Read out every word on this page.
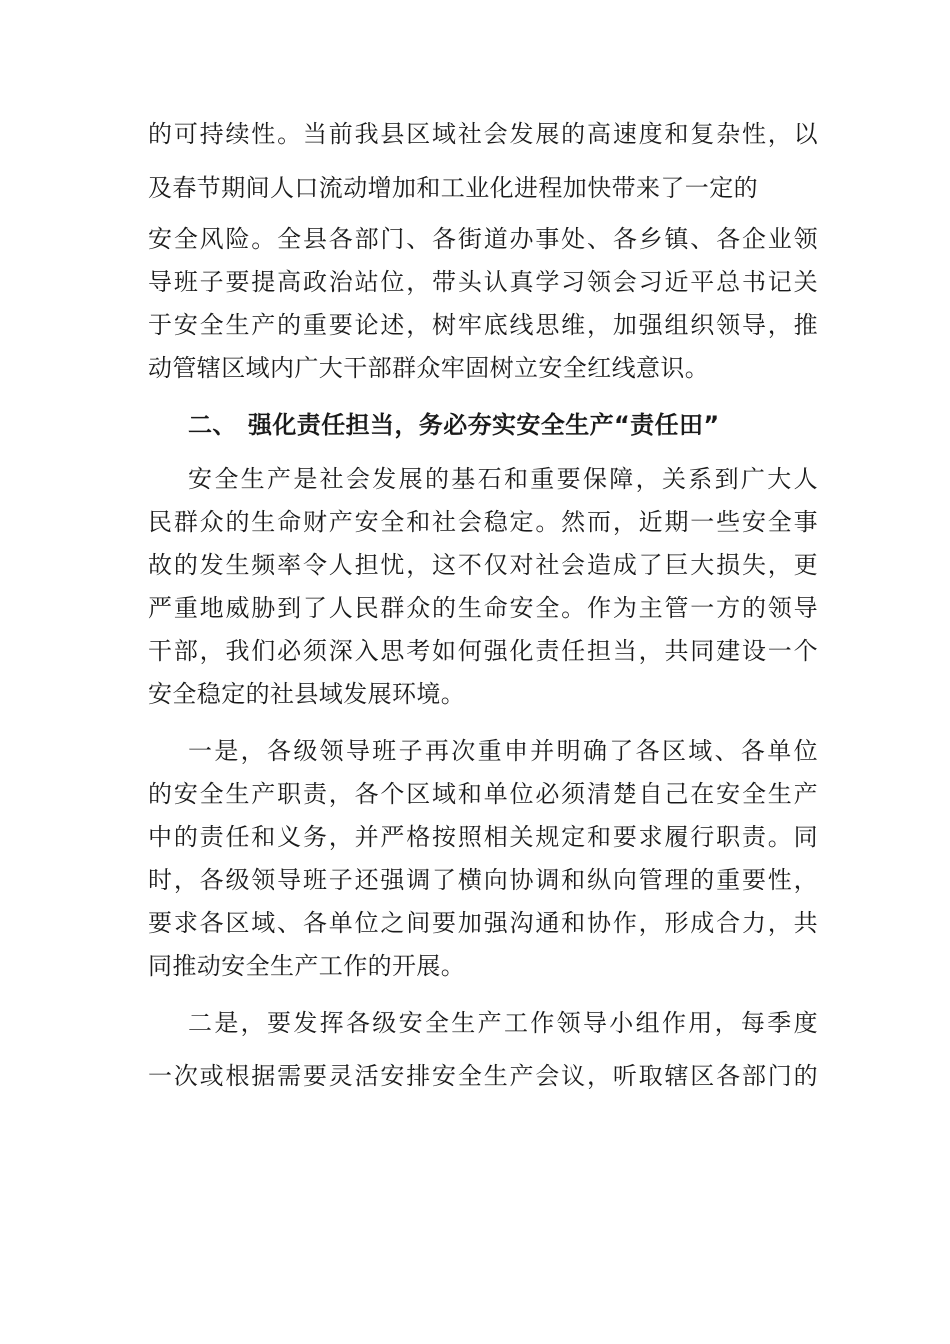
的可持续性。当前我县区域社会发展的高速度和复杂性，以
及春节期间人口流动增加和工业化进程加快带来了一定的
安全风险。全县各部门、各街道办事处、各乡镇、各企业领
导班子要提高政治站位，带头认真学习领会习近平总书记关
于安全生产的重要论述，树牢底线思维，加强组织领导，推
动管辖区域内广大干部群众牢固树立安全红线意识。
二、 强化责任担当，务必夯实安全生产“责任田”
安全生产是社会发展的基石和重要保障，关系到广大人
民群众的生命财产安全和社会稳定。然而，近期一些安全事
故的发生频率令人担忧，这不仅对社会造成了巨大损失，更
严重地威胁到了人民群众的生命安全。作为主管一方的领导
干部，我们必须深入思考如何强化责任担当，共同建设一个
安全稳定的社县域发展环境。
一是，各级领导班子再次重申并明确了各区域、各单位
的安全生产职责，各个区域和单位必须清楚自己在安全生产
中的责任和义务，并严格按照相关规定和要求履行职责。同
时，各级领导班子还强调了横向协调和纵向管理的重要性，
要求各区域、各单位之间要加强沟通和协作，形成合力，共
同推动安全生产工作的开展。
二是，要发挥各级安全生产工作领导小组作用，每季度
一次或根据需要灵活安排安全生产会议，听取辖区各部门的
